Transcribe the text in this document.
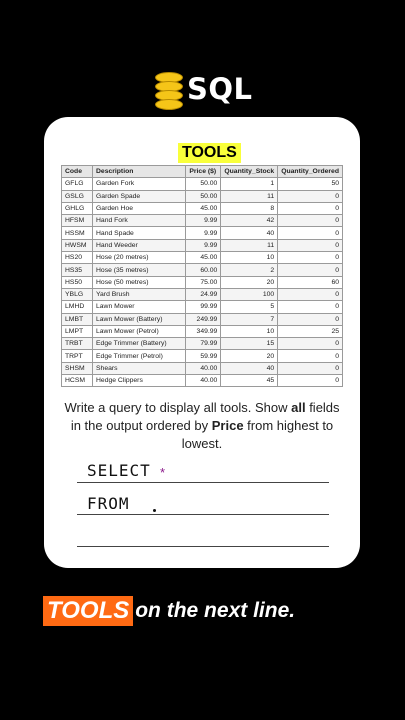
SQL
TOOLS
Code	Description	Price ($)	Quantity_Stock	Quantity_Ordered
GFLG	Garden Fork	50.00	1	50
GSLG	Garden Spade	50.00	11	0
GHLG	Garden Hoe	45.00	8	0
HFSM	Hand Fork	9.99	42	0
HSSM	Hand Spade	9.99	40	0
HWSM	Hand Weeder	9.99	11	0
HS20	Hose (20 metres)	45.00	10	0
HS35	Hose (35 metres)	60.00	2	0
HS50	Hose (50 metres)	75.00	20	60
YBLG	Yard Brush	24.99	100	0
LMHD	Lawn Mower	99.99	5	0
LMBT	Lawn Mower (Battery)	249.99	7	0
LMPT	Lawn Mower (Petrol)	349.99	10	25
TRBT	Edge Trimmer (Battery)	79.99	15	0
TRPT	Edge Trimmer (Petrol)	59.99	20	0
SHSM	Shears	40.00	40	0
HCSM	Hedge Clippers	40.00	45	0
Write a query to display all tools. Show all fields in the output ordered by Price from highest to lowest.
SELECT *
FROM
TOOLS on the next line.
